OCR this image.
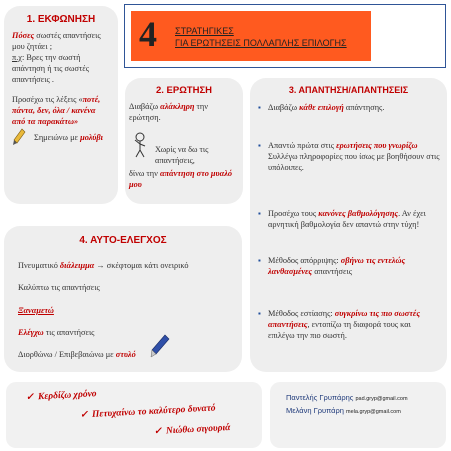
4 ΣΤΡΑΤΗΓΙΚΕΣ
ΓΙΑ ΕΡΩΤΗΣΕΙΣ ΠΟΛΛΑΠΛΗΣ ΕΠΙΛΟΓΗΣ
1. ΕΚΦΩΝΗΣΗ
Πόσες σωστές απαντήσεις
μου ζητάει ;
π.χ: Βρες την σωστή
απάντηση ή τις σωστές
απαντήσεις .
Προσέχω τις λέξεις «ποτέ,
πάντα, δεν, όλα / κανένα
από τα παρακάτω»
Σημειώνω με μολύβι
2. ΕΡΩΤΗΣΗ
Διαβάζω αλάκληρη την
ερώτηση.
Χωρίς να δω τις
απαντήσεις,
δίνω την απάντηση στο μυαλό
μου
3. ΑΠΑΝΤΗΣΗ/ΑΠΑΝΤΗΣΕΙΣ
▪ Διαβάζω κάθε επιλογή απάντησης.
▪ Απαντώ πρώτα στις ερωτήσεις που γνωρίζω
Συλλέγω πληροφορίες που ίσως με βοηθήσουν στις
υπόλοιπες.
▪ Προσέχω τους κανόνες βαθμολόγησης. Αν έχει
αρνητική βαθμολογία δεν απαντώ στην τύχη!
▪ Μέθοδος απόρριψης: σβήνω τις εντελώς
λανθασμένες απαντήσεις
▪ Μέθοδος εστίασης: συγκρίνω τις πιο σωστές
απαντήσεις, εντοπίζω τη διαφορά τους και
επιλέγω την πιο σωστή.
4. ΑΥΤΟ-ΕΛΕΓΧΟΣ
Πνευματικό διάλειμμα → σκέφτομαι κάτι ονειρικό
Καλύπτω τις απαντήσεις
Ξαναμετώ
Ελέγχω τις απαντήσεις
Διορθώνω / Επιβεβαιώνω με στυλό
✓ Κερδίζω χρόνο
✓ Πετυχαίνω το καλύτερο δυνατό
✓ Νιώθω σιγουριά
Παντελής Γρυπάρης pad.gryp@gmail.com
Μελάνη Γρυπάρη mela.gryp@gmail.com
